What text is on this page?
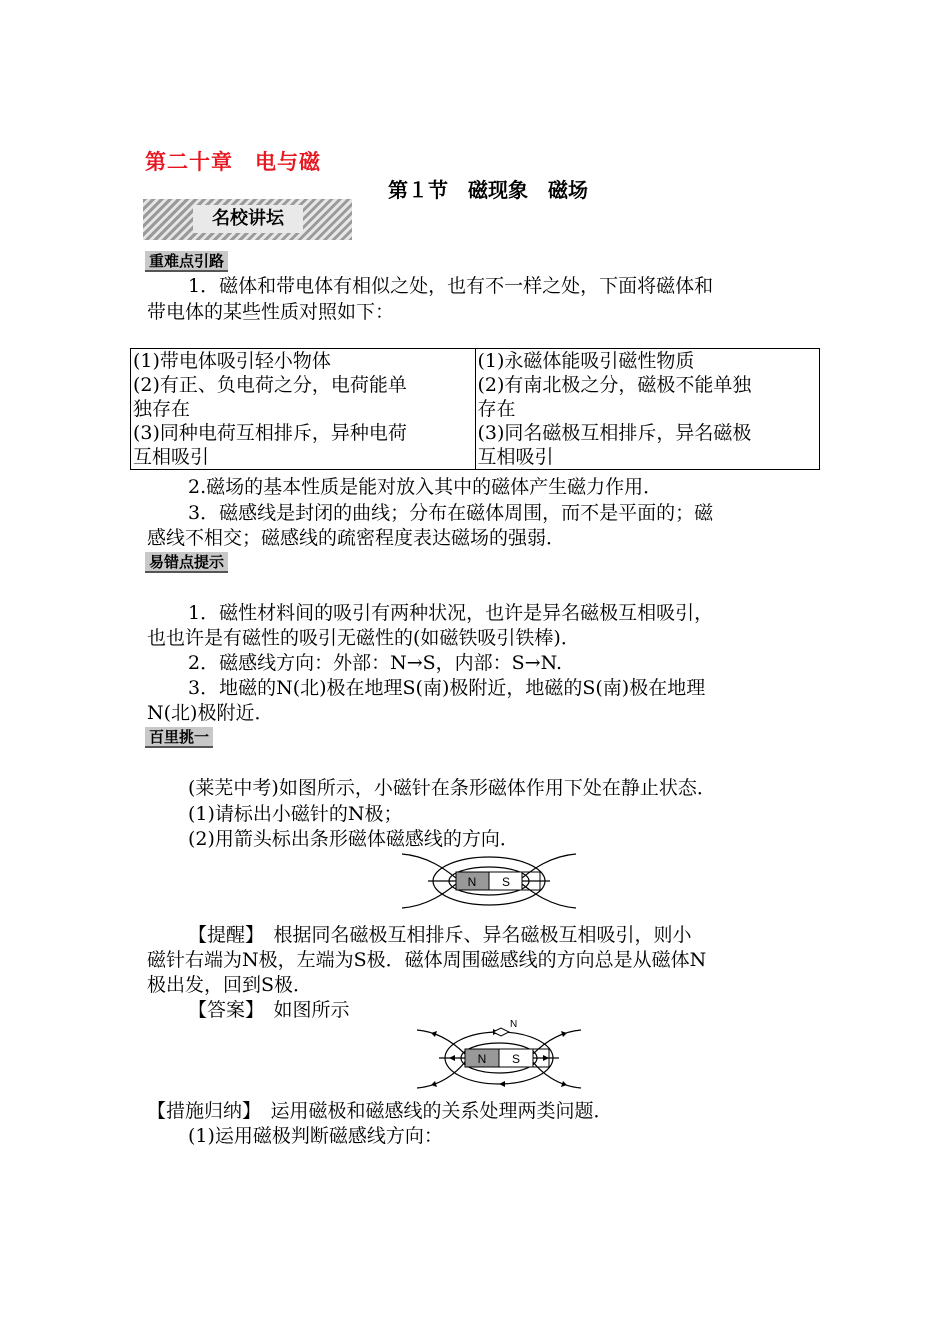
第二十章　电与磁
第１节　磁现象　磁场
名校讲坛
重难点引路
1．磁体和带电体有相似之处，也有不一样之处，下面将磁体和
带电体的某些性质对照如下：
(1)带电体吸引轻小物体
(2)有正、负电荷之分，电荷能单
独存在
(3)同种电荷互相排斥，异种电荷
互相吸引

(1)永磁体能吸引磁性物质
(2)有南北极之分，磁极不能单独
存在
(3)同名磁极互相排斥，异名磁极
互相吸引
2.磁场的基本性质是能对放入其中的磁体产生磁力作用．
3．磁感线是封闭的曲线；分布在磁体周围，而不是平面的；磁
感线不相交；磁感线的疏密程度表达磁场的强弱．
易错点提示
1．磁性材料间的吸引有两种状况，也许是异名磁极互相吸引，
也也许是有磁性的吸引无磁性的(如磁铁吸引铁棒)．
2．磁感线方向：外部：N→S，内部：S→N.
3．地磁的N(北)极在地理S(南)极附近，地磁的S(南)极在地理
N(北)极附近．
百里挑一
(莱芜中考)如图所示，小磁针在条形磁体作用下处在静止状态．
(1)请标出小磁针的N极；
(2)用箭头标出条形磁体磁感线的方向．
N S
【提醒】　根据同名磁极互相排斥、异名磁极互相吸引，则小
磁针右端为N极，左端为S极．磁体周围磁感线的方向总是从磁体N
极出发，回到S极．
【答案】　如图所示
N
N S
【措施归纳】　运用磁极和磁感线的关系处理两类问题．
(1)运用磁极判断磁感线方向：
